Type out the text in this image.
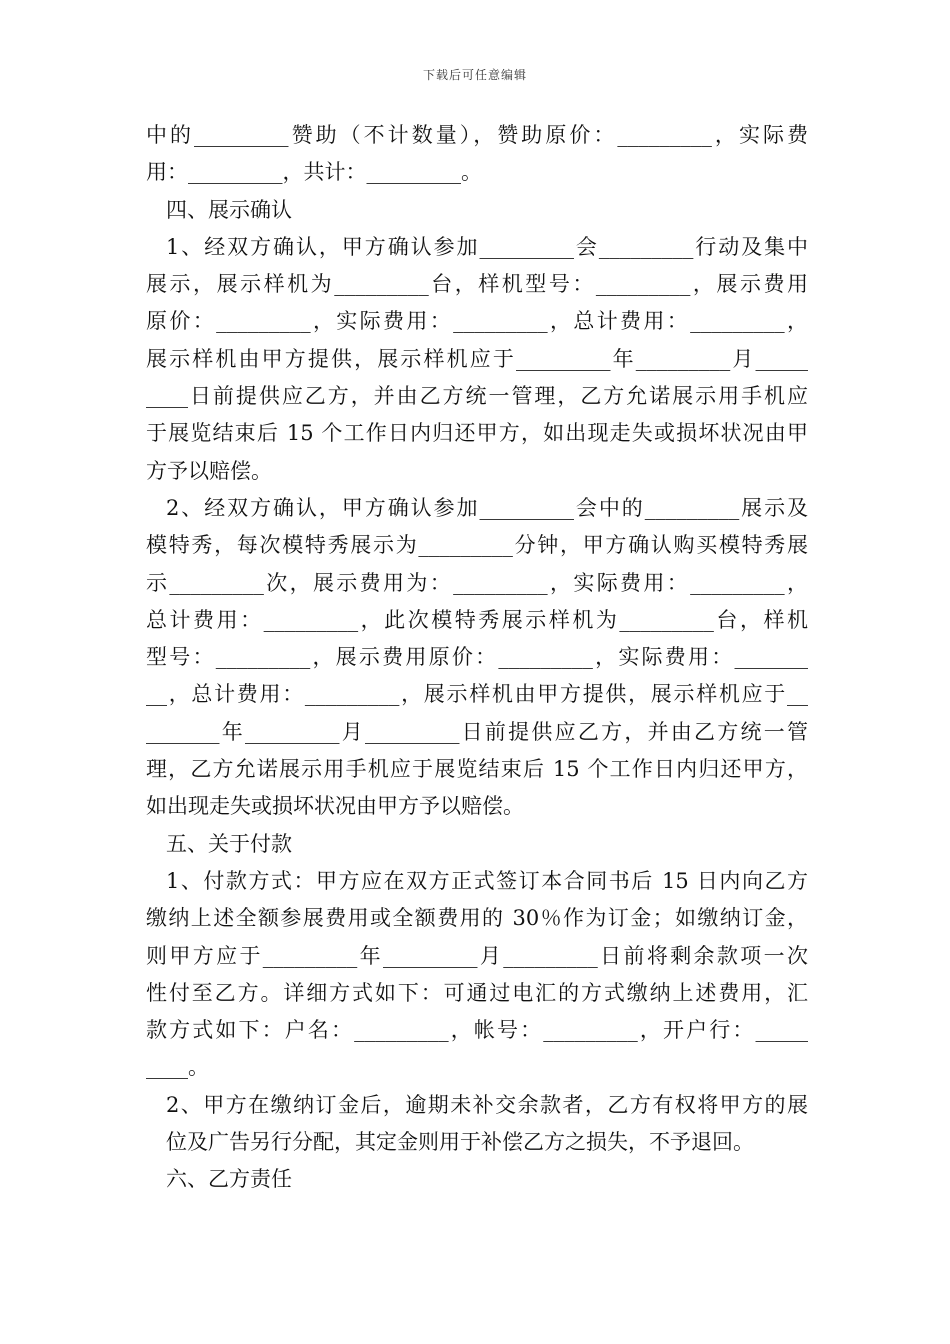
下载后可任意编辑
中的_________赞助（不计数量），赞助原价：_________，实际费
用：_________，共计：_________。
四、展示确认
1、经双方确认，甲方确认参加_________会_________行动及集中
展示，展示样机为_________台，样机型号：_________，展示费用
原价：_________，实际费用：_________，总计费用：_________，
展示样机由甲方提供，展示样机应于_________年_________月_____
____日前提供应乙方，并由乙方统一管理，乙方允诺展示用手机应
于展览结束后 15 个工作日内归还甲方，如出现走失或损坏状况由甲
方予以赔偿。
2、经双方确认，甲方确认参加_________会中的_________展示及
模特秀，每次模特秀展示为_________分钟，甲方确认购买模特秀展
示_________次，展示费用为：_________，实际费用：_________，
总计费用：_________，此次模特秀展示样机为_________台，样机
型号：_________，展示费用原价：_________，实际费用：_______
__，总计费用：_________，展示样机由甲方提供，展示样机应于__
_______年_________月_________日前提供应乙方，并由乙方统一管
理，乙方允诺展示用手机应于展览结束后 15 个工作日内归还甲方，
如出现走失或损坏状况由甲方予以赔偿。
五、关于付款
1、付款方式：甲方应在双方正式签订本合同书后 15 日内向乙方
缴纳上述全额参展费用或全额费用的 30％作为订金；如缴纳订金，
则甲方应于_________年_________月_________日前将剩余款项一次
性付至乙方。详细方式如下：可通过电汇的方式缴纳上述费用，汇
款方式如下：户名：_________，帐号：_________，开户行：_____
____。
2、甲方在缴纳订金后，逾期未补交余款者，乙方有权将甲方的展
位及广告另行分配，其定金则用于补偿乙方之损失，不予退回。
六、乙方责任
